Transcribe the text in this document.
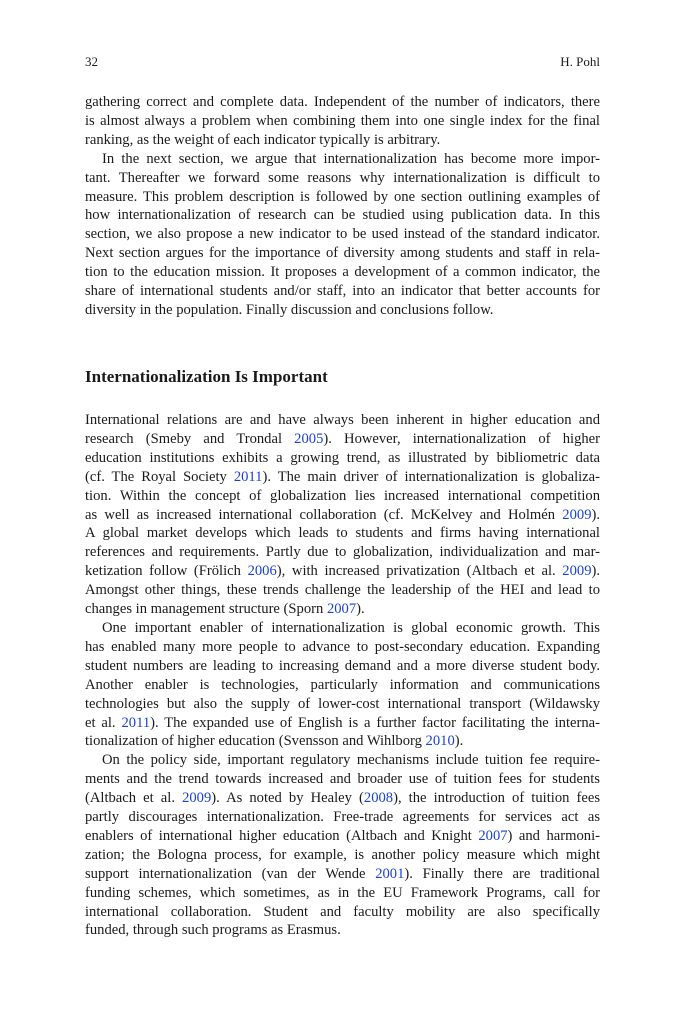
32	H. Pohl

gathering correct and complete data. Independent of the number of indicators, there
is almost always a problem when combining them into one single index for the final
ranking, as the weight of each indicator typically is arbitrary.

In the next section, we argue that internationalization has become more impor-
tant. Thereafter we forward some reasons why internationalization is difficult to
measure. This problem description is followed by one section outlining examples of
how internationalization of research can be studied using publication data. In this
section, we also propose a new indicator to be used instead of the standard indicator.
Next section argues for the importance of diversity among students and staff in rela-
tion to the education mission. It proposes a development of a common indicator, the
share of international students and/or staff, into an indicator that better accounts for
diversity in the population. Finally discussion and conclusions follow.

Internationalization Is Important

International relations are and have always been inherent in higher education and
research (Smeby and Trondal 2005). However, internationalization of higher
education institutions exhibits a growing trend, as illustrated by bibliometric data
(cf. The Royal Society 2011). The main driver of internationalization is globaliza-
tion. Within the concept of globalization lies increased international competition
as well as increased international collaboration (cf. McKelvey and Holmén 2009).
A global market develops which leads to students and firms having international
references and requirements. Partly due to globalization, individualization and mar-
ketization follow (Frölich 2006), with increased privatization (Altbach et al. 2009).
Amongst other things, these trends challenge the leadership of the HEI and lead to
changes in management structure (Sporn 2007).

One important enabler of internationalization is global economic growth. This
has enabled many more people to advance to post-secondary education. Expanding
student numbers are leading to increasing demand and a more diverse student body.
Another enabler is technologies, particularly information and communications
technologies but also the supply of lower-cost international transport (Wildawsky
et al. 2011). The expanded use of English is a further factor facilitating the interna-
tionalization of higher education (Svensson and Wihlborg 2010).

On the policy side, important regulatory mechanisms include tuition fee require-
ments and the trend towards increased and broader use of tuition fees for students
(Altbach et al. 2009). As noted by Healey (2008), the introduction of tuition fees
partly discourages internationalization. Free-trade agreements for services act as
enablers of international higher education (Altbach and Knight 2007) and harmoni-
zation; the Bologna process, for example, is another policy measure which might
support internationalization (van der Wende 2001). Finally there are traditional
funding schemes, which sometimes, as in the EU Framework Programs, call for
international collaboration. Student and faculty mobility are also specifically
funded, through such programs as Erasmus.
